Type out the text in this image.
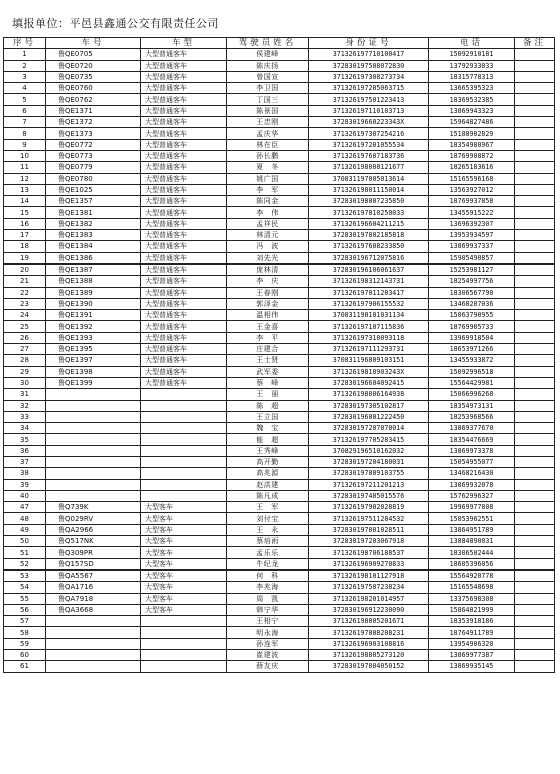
填报单位：平邑县鑫通公交有限责任公司
序号	车号	车型	驾驶员姓名	身份证号	电话	备注
1	鲁QE0705	大型普通客车	侯建峰	371326197710100417	15092910181	
2	鲁QE0720	大型普通客车	陈庆扬	372830197508072830	13792933033	
3	鲁QE0735	大型普通客车	曾国宣	371326197308273734	18315778313	
4	鲁QE0760	大型普通客车	李卫国	371326197205063715	13665395323	
5	鲁QE0762	大型普通客车	丁国三	371326197501223413	18369532385	
6	鲁QE1371	大型普通客车	陈景国	371326197110103713	13869943323	
7	鲁QE1372	大型普通客车	王忠刚	37283019660223343X	15964827486	
8	鲁QE1373	大型普通客车	孟庆华	371326197307254216	15188902829	
9	鲁QE0772	大型普通客车	林在臣	371326197201055534	18354980967	
10	鲁QE0773	大型普通客车	孙长鹏	371326197607183736	18769908872	
11	鲁QE0779	大型普通客车	夏　冬	371326198008121677	18265183616	
12	鲁QE0780	大型普通客车	姚广国	370831197005013614	15165596168	
13	鲁QE1025	大型普通客车	李　军	371326198011150014	13563927012	
14	鲁QE1357	大型普通客车	陈同金	372830198807235850	18769937858	
15	鲁QE1381	大型普通客车	李　伟	371326197810250033	13455915222	
16	鲁QE1382	大型普通客车	孟祥民	371326196604211215	13696392307	
17	鲁QE1383	大型普通客车	林清元	372830197802185818	13953934597	
18	鲁QE1384	大型普通客车	冯　波	371326197608233850	13869937337	
19	鲁QE1386	大型普通客车	刘先光	372830196712075816	15905490857	
20	鲁QE1387	大型普通客车	庞林清	372830196106061637	15253981127	
21	鲁QE1388	大型普通客车	李　庆	371326198312143731	18254997756	
22	鲁QE1389	大型普通客车	王春刚	371326197011203417	18306567790	
23	鲁QE1390	大型普通客车	郭泽金	371326197906155532	13468207036	
24	鲁QE1391	大型普通客车	温相伟	370831198101031134	15063790955	
25	鲁QE1392	大型普通客车	王金喜	371326197107115836	18769905733	
26	鲁QE1393	大型普通客车	李　平	371326197310093118	13969918504	
27	鲁QE1395	大型普通客车	庄建合	371326197111293731	18653971266	
28	鲁QE1397	大型普通客车	王士贤	370831196809103151	13455933872	
29	鲁QE1398	大型普通客车	武军委	37132619810903243X	15092996518	
30	鲁QE1399	大型普通客车	蔡　峰	372830196604092415	15564429981	
31			王　丽	371326198006164938	15066996268	
32			陈　超	372830197305102817	18354973131	
33			王立国	372830196801222450	18253968566	
34			魏　宝	372830197207070014	13869377670	
35			能　超	371326197705283415	18354476669	
36			王秀峰	370829196510162032	13869973378	
37			高开勤	372830197204180031	15054955077	
38			高兆源	372830197809103755	13468216430	
39			赵洪建	371326197211201213	13869932078	
40			陈凡成	372830197405015576	15762996327	
47	鲁Q739K	大型客车	王　军	371326197902028819	19969977808	
48	鲁Q029RV	大型客车	刘付宝	371326197511284532	15053962551	
49	鲁QA2966	大型客车	王　永	372830197001028511	13864951789	
50	鲁Q517NK	大型客车	蔡培雨	372830197203067918	13884890031	
51	鲁Q309PR	大型客车	孟乐乐	371326198706188537	18306502444	
52	鲁Q157SD	大型客车	牛纪龙	371326196909270833	18605396056	
53	鲁QA5567	大型客车	何　科	371326198101127918	15564920778	
54	鲁QA1716	大型客车	李兆海	371326197507238234	15165548698	
55	鲁QA7918	大型客车	周　凯	371326198201014957	13375698308	
56	鲁QA3668	大型客车	韩宁华	372830196912230090	15864821999	
57			王相宁	371326198005201671	18353918186	
58			明永海	371326197808208231	18764911789	
59			孙连军	371326196903108816	13954906320	
60			崔建波	371326198805273120	13869977387	
61			薛友庆	372830197004050152	13869935145	
